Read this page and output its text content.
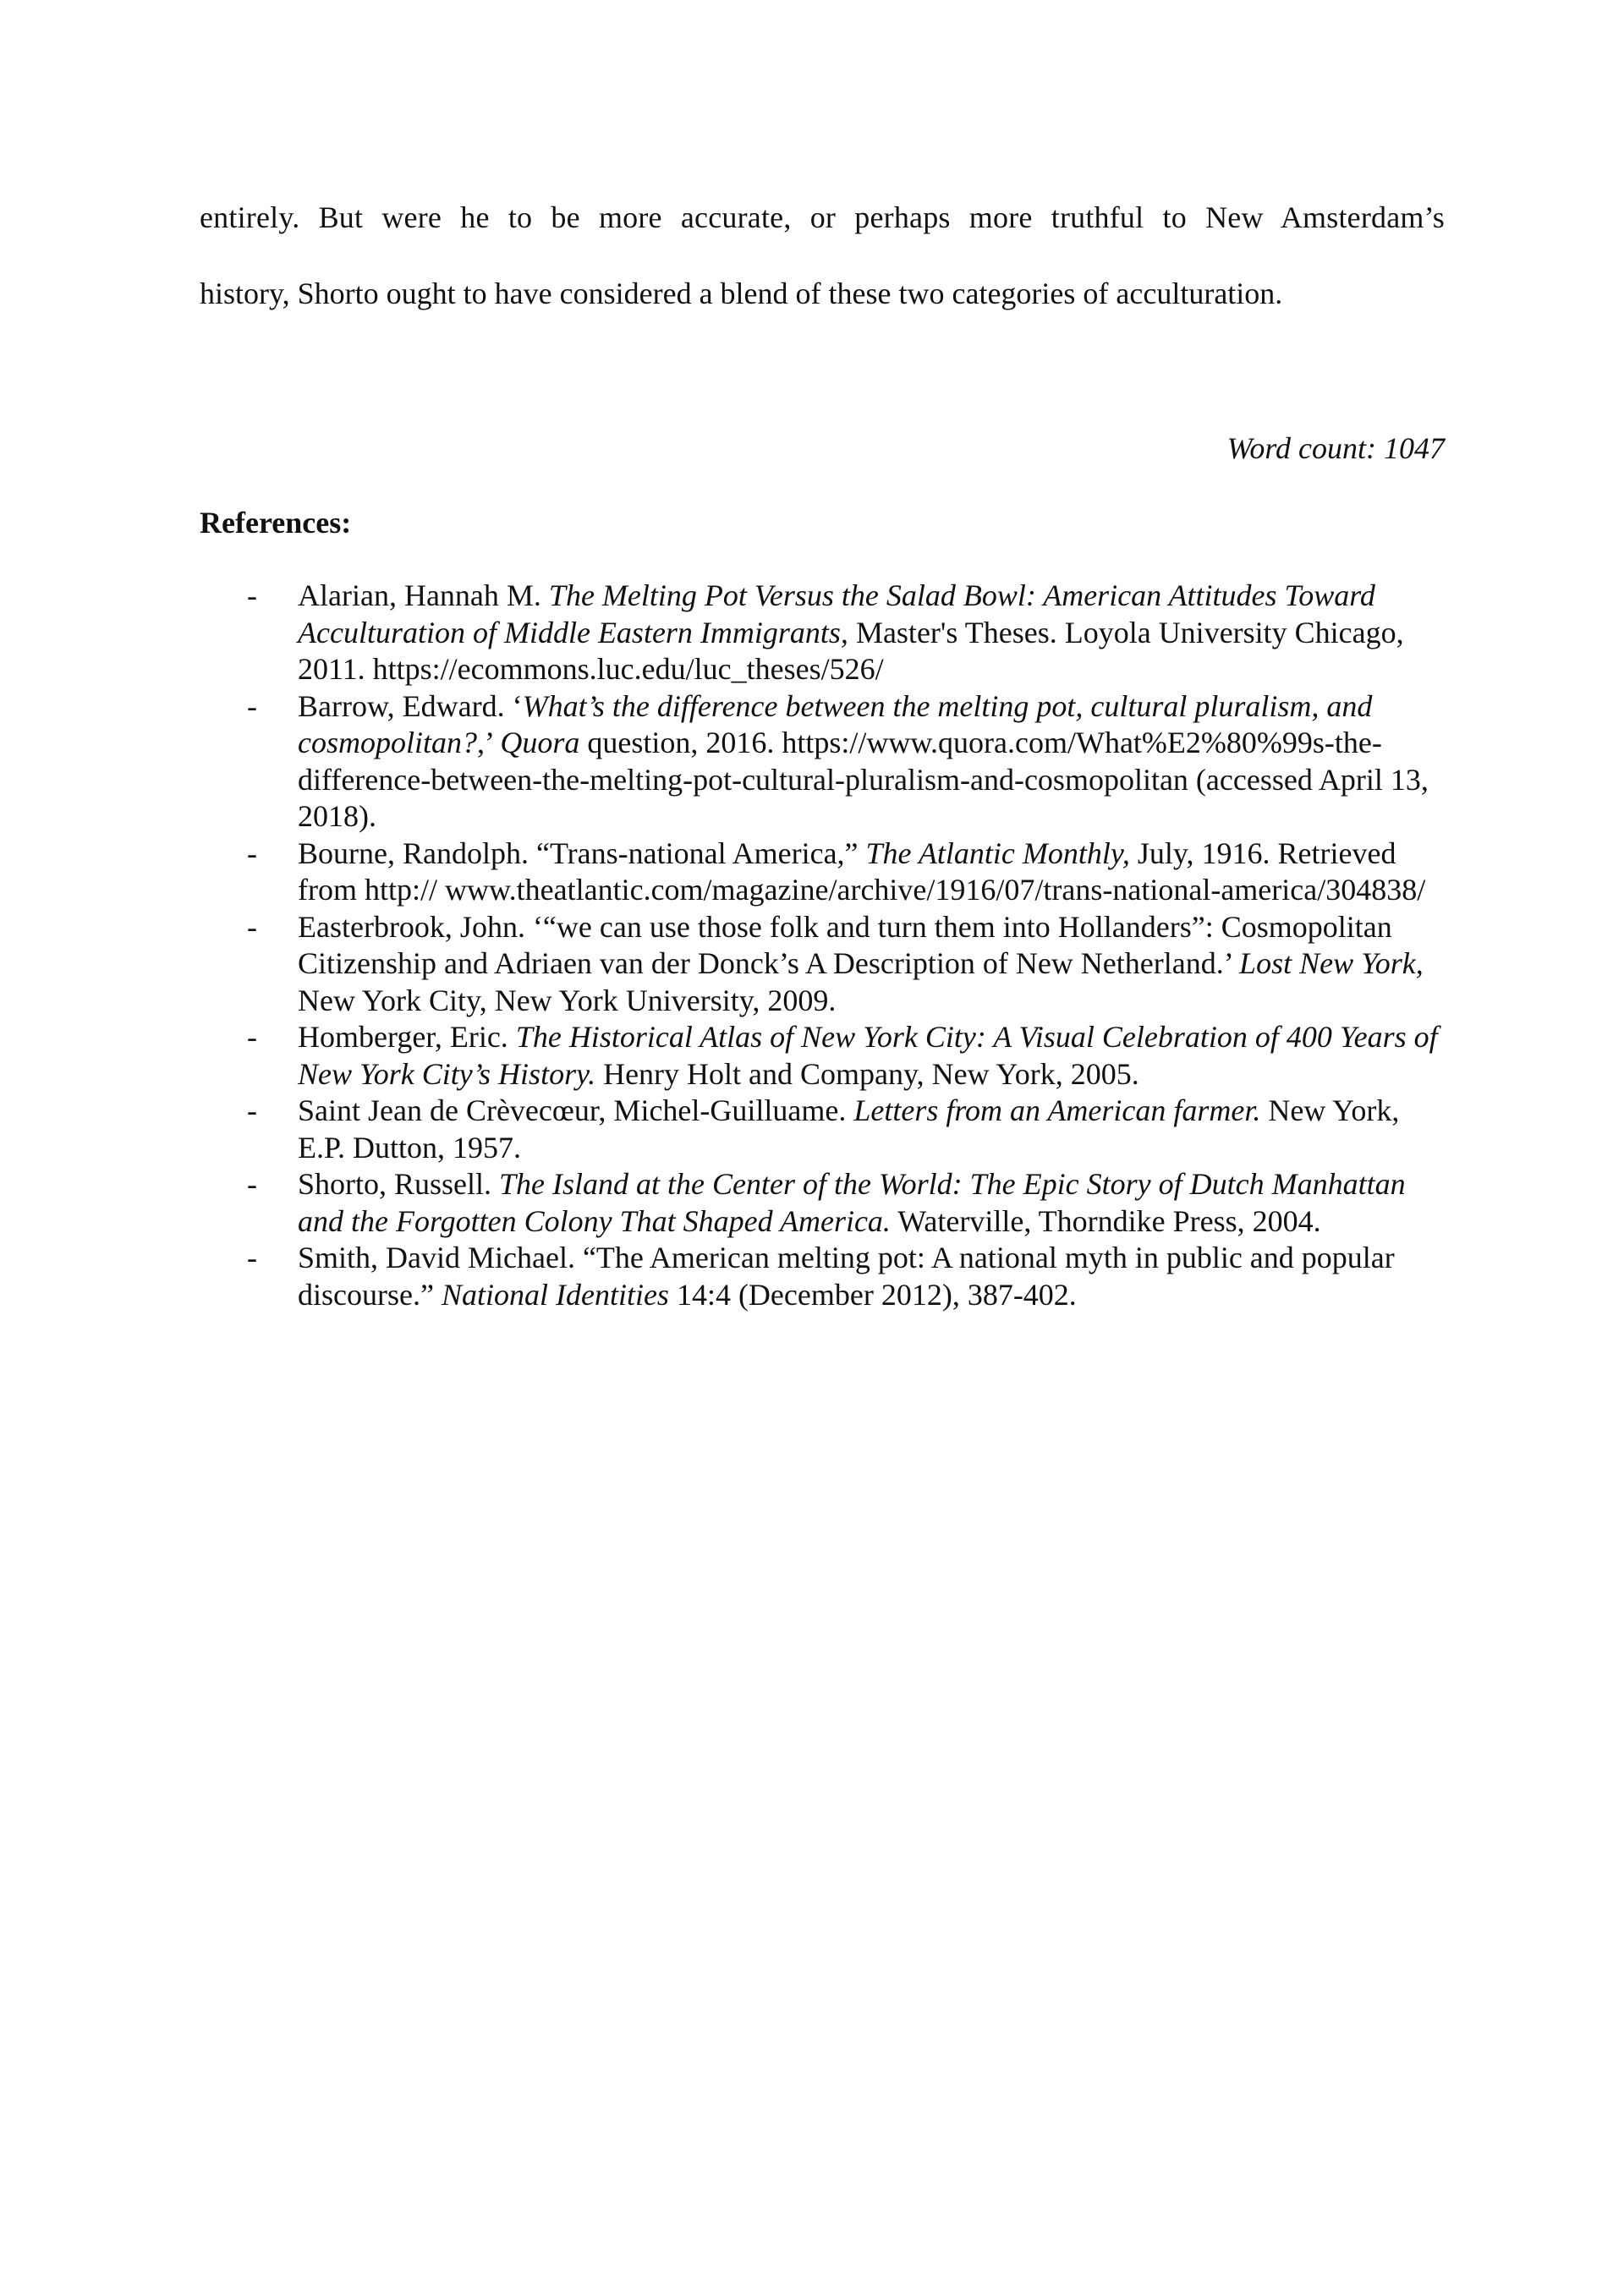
entirely. But were he to be more accurate, or perhaps more truthful to New Amsterdam’s

history, Shorto ought to have considered a blend of these two categories of acculturation.

Word count: 1047

References:

- Alarian, Hannah M. The Melting Pot Versus the Salad Bowl: American Attitudes Toward Acculturation of Middle Eastern Immigrants, Master's Theses. Loyola University Chicago, 2011. https://ecommons.luc.edu/luc_theses/526/
- Barrow, Edward. ‘What’s the difference between the melting pot, cultural pluralism, and cosmopolitan?,’ Quora question, 2016. https://www.quora.com/What%E2%80%99s-the-difference-between-the-melting-pot-cultural-pluralism-and-cosmopolitan (accessed April 13, 2018).
- Bourne, Randolph. “Trans-national America,” The Atlantic Monthly, July, 1916. Retrieved from http:// www.theatlantic.com/magazine/archive/1916/07/trans-national-america/304838/
- Easterbrook, John. ‘“we can use those folk and turn them into Hollanders”: Cosmopolitan Citizenship and Adriaen van der Donck’s A Description of New Netherland.’ Lost New York, New York City, New York University, 2009.
- Homberger, Eric. The Historical Atlas of New York City: A Visual Celebration of 400 Years of New York City’s History. Henry Holt and Company, New York, 2005.
- Saint Jean de Crèvecœur, Michel-Guilluame. Letters from an American farmer. New York, E.P. Dutton, 1957.
- Shorto, Russell. The Island at the Center of the World: The Epic Story of Dutch Manhattan and the Forgotten Colony That Shaped America. Waterville, Thorndike Press, 2004.
- Smith, David Michael. “The American melting pot: A national myth in public and popular discourse.” National Identities 14:4 (December 2012), 387-402.
